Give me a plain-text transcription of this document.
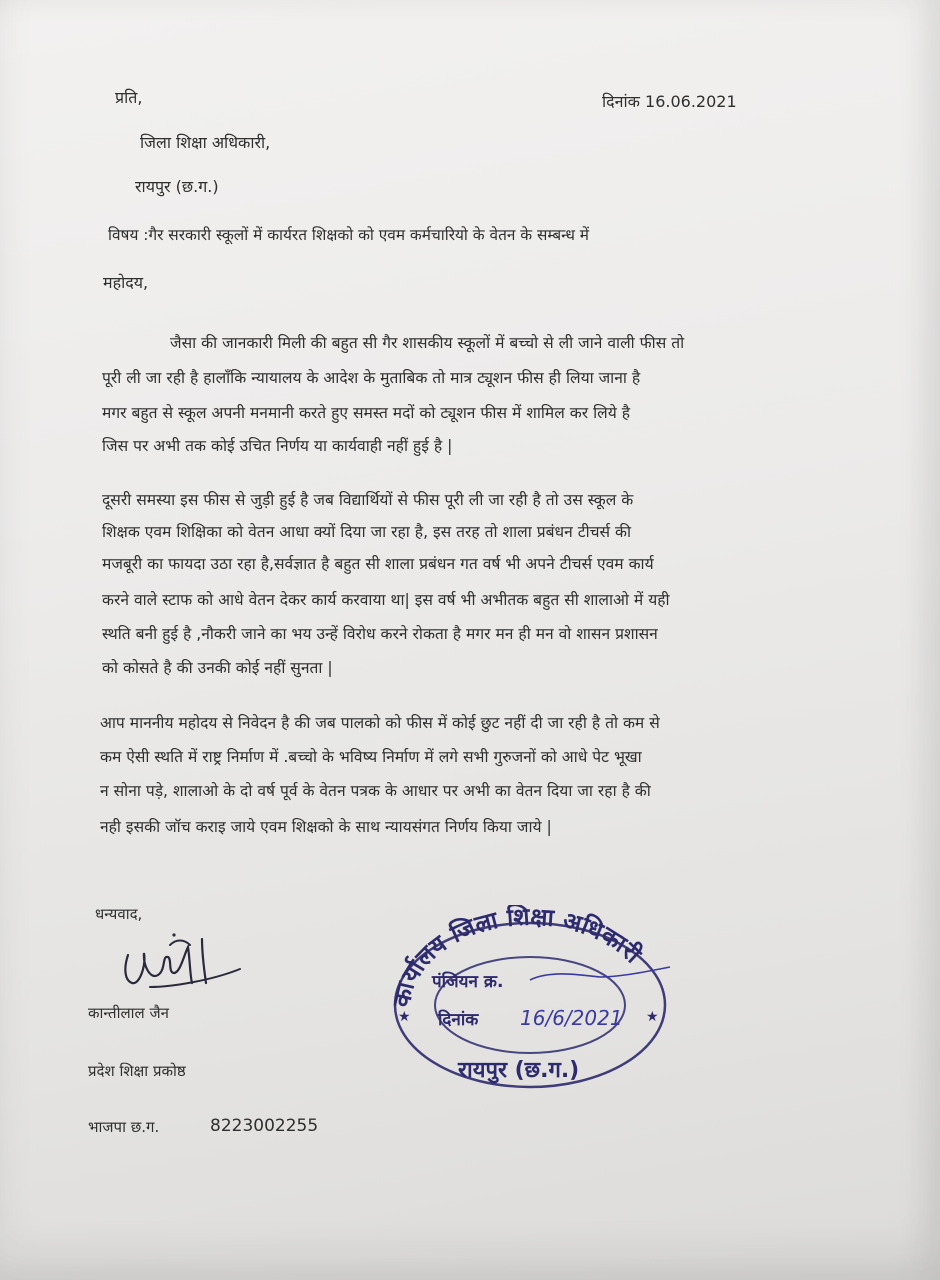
प्रति,	दिनांक 16.06.2021
जिला शिक्षा अधिकारी,
रायपुर (छ.ग.)
विषय :गैर सरकारी स्कूलों में कार्यरत शिक्षको को एवम कर्मचारियो के वेतन के सम्बन्ध में
महोदय,
जैसा की जानकारी मिली की बहुत सी गैर शासकीय स्कूलों में बच्चो से ली जाने वाली फीस तो
पूरी ली जा रही है हालाँकि न्यायालय के आदेश के मुताबिक तो मात्र ट्यूशन फीस ही लिया जाना है
मगर बहुत से स्कूल अपनी मनमानी करते हुए समस्त मदों को ट्यूशन फीस में शामिल कर लिये है
जिस पर अभी तक कोई उचित निर्णय या कार्यवाही नहीं हुई है |
दूसरी समस्या इस फीस से जुड़ी हुई है जब विद्यार्थियों से फीस पूरी ली जा रही है तो उस स्कूल के
शिक्षक एवम शिक्षिका को वेतन आधा क्यों दिया जा रहा है, इस तरह तो शाला प्रबंधन टीचर्स की
मजबूरी का फायदा उठा रहा है,सर्वज्ञात है बहुत सी शाला प्रबंधन गत वर्ष भी अपने टीचर्स एवम कार्य
करने वाले स्टाफ को आधे वेतन देकर कार्य करवाया था| इस वर्ष भी अभीतक बहुत सी शालाओ में यही
स्थति बनी हुई है ,नौकरी जाने का भय उन्हें विरोध करने रोकता है मगर मन ही मन वो शासन प्रशासन
को कोसते है की उनकी कोई नहीं सुनता |
आप माननीय महोदय से निवेदन है की जब पालको को फीस में कोई छुट नहीं दी जा रही है तो कम से
कम ऐसी स्थति में राष्ट्र निर्माण में .बच्चो के भविष्य निर्माण में लगे सभी गुरुजनों को आधे पेट भूखा
न सोना पड़े, शालाओ के दो वर्ष पूर्व के वेतन पत्रक के आधार पर अभी का वेतन दिया जा रहा है की
नही इसकी जॉच कराइ जाये एवम शिक्षको के साथ न्यायसंगत निर्णय किया जाये |
धन्यवाद,
कान्तीलाल जैन
प्रदेश शिक्षा प्रकोष्ठ
भाजपा छ.ग.	8223002255
कार्यालय जिला शिक्षा अधिकारी
पंजियन क्र.
दिनांक 16/6/2021
रायपुर (छ.ग.)
★	★
